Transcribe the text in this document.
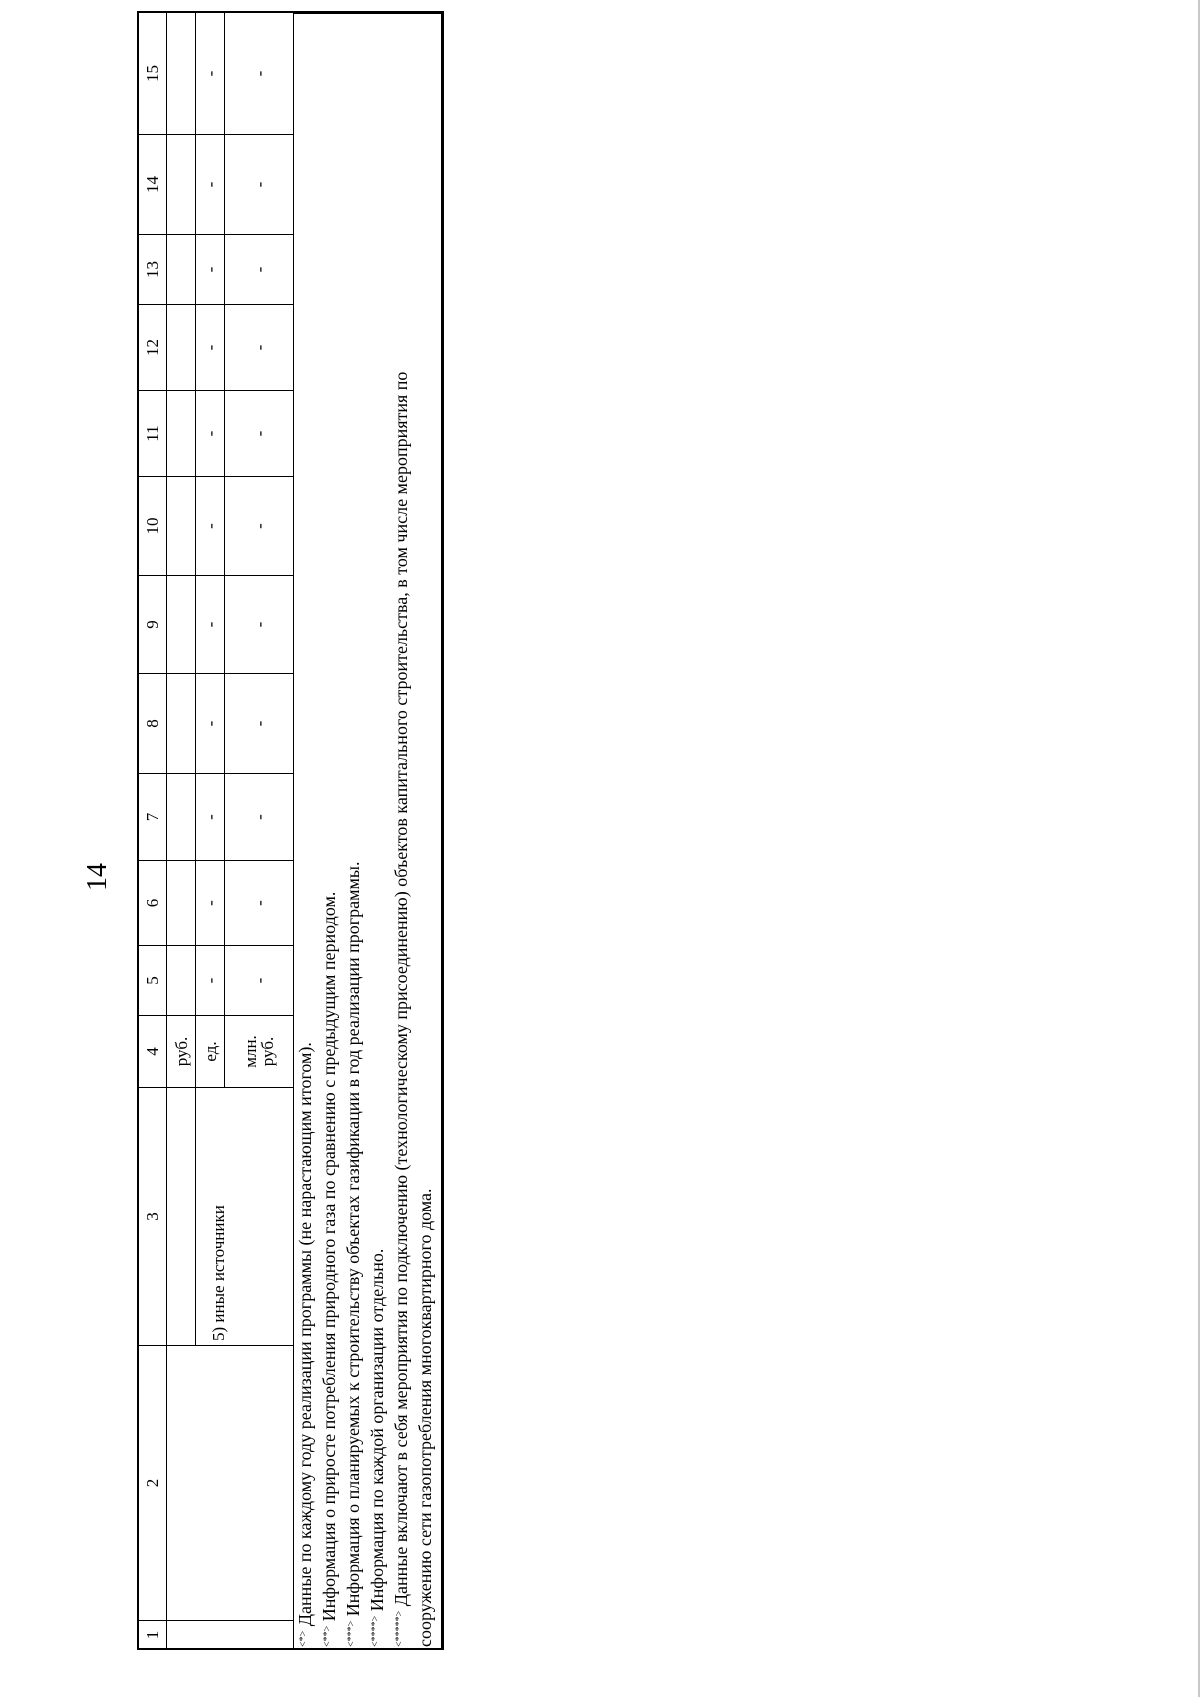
14
1	2	3	4	5	6	7	8	9	10	11	12	13	14	15

			руб.											

		5) иные источники	ед.	-	-	-	-	-	-	-	-	-	-	-

			млн.
руб.	-	-	-	-	-	-	-	-	-	-	-
<*> Данные по каждому году реализации программы (не нарастающим итогом).
<**> Информация о приросте потребления природного газа по сравнению с предыдущим периодом.
<***> Информация о планируемых к строительству объектах газификации в год реализации программы.
<****> Информация по каждой организации отдельно.
<*****> Данные включают в себя мероприятия по подключению (технологическому присоединению) объектов капитального строительства, в том числе мероприятия по сооружению сети газопотребления многоквартирного дома.
